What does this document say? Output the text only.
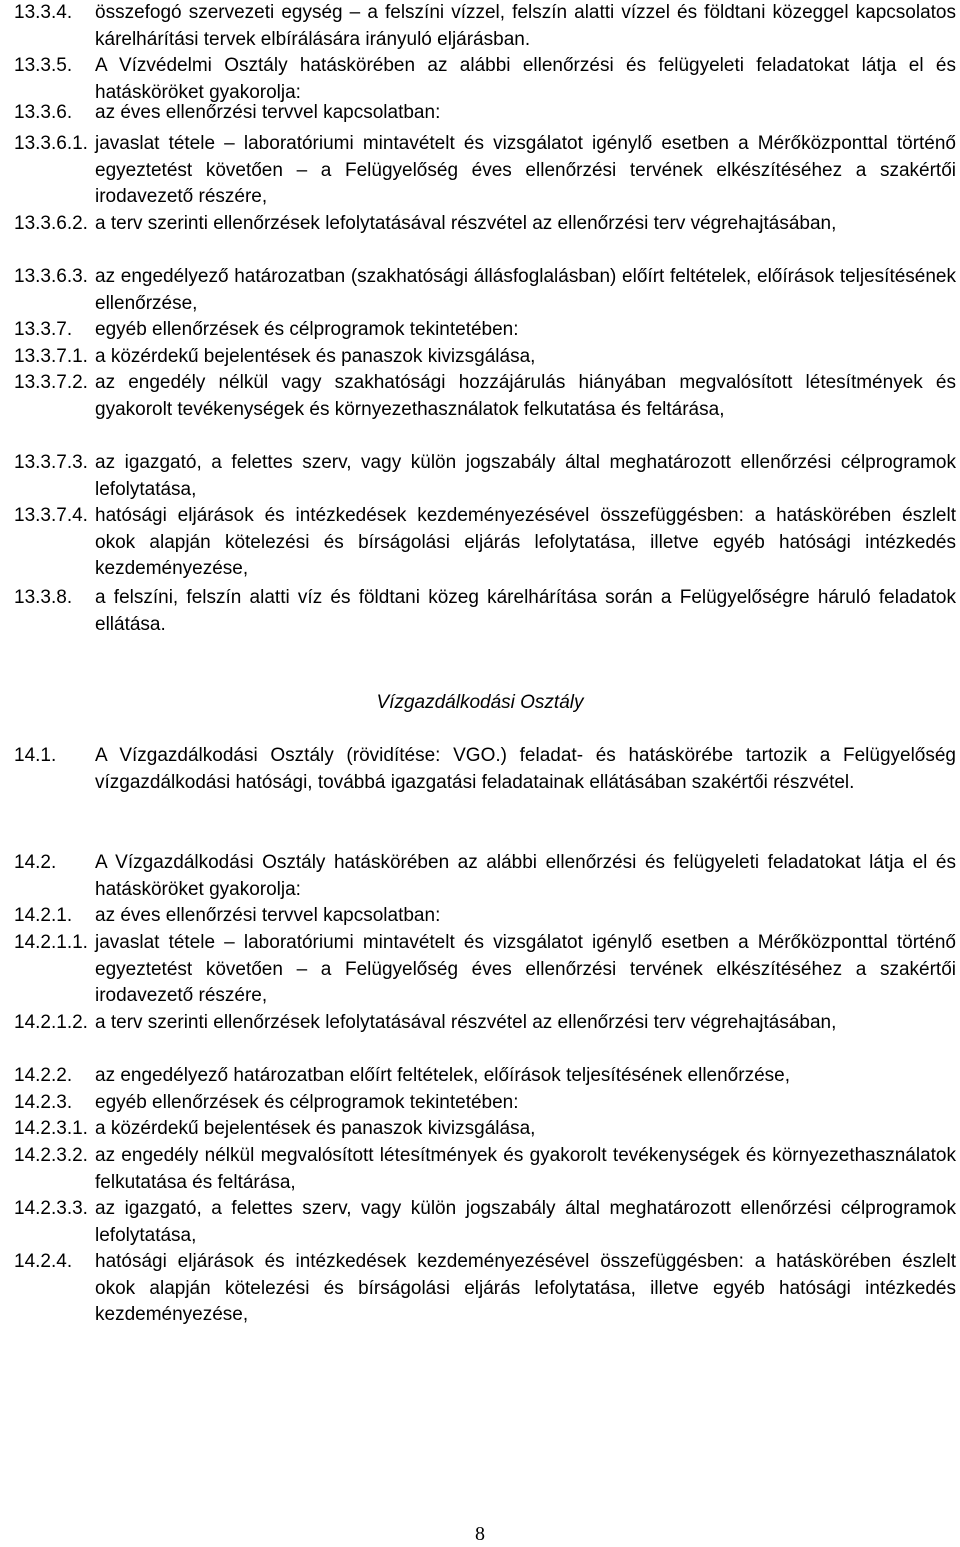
13.3.4. összefogó szervezeti egység – a felszíni vízzel, felszín alatti vízzel és földtani közeggel kapcsolatos kárelhárítási tervek elbírálására irányuló eljárásban.
13.3.5. A Vízvédelmi Osztály hatáskörében az alábbi ellenőrzési és felügyeleti feladatokat látja el és hatásköröket gyakorolja:
13.3.6. az éves ellenőrzési tervvel kapcsolatban:
13.3.6.1. javaslat tétele – laboratóriumi mintavételt és vizsgálatot igénylő esetben a Mérőközponttal történő egyeztetést követően – a Felügyelőség éves ellenőrzési tervének elkészítéséhez a szakértői irodavezető részére,
13.3.6.2. a terv szerinti ellenőrzések lefolytatásával részvétel az ellenőrzési terv végrehajtásában,
13.3.6.3. az engedélyező határozatban (szakhatósági állásfoglalásban) előírt feltételek, előírások teljesítésének ellenőrzése,
13.3.7. egyéb ellenőrzések és célprogramok tekintetében:
13.3.7.1. a közérdekű bejelentések és panaszok kivizsgálása,
13.3.7.2. az engedély nélkül vagy szakhatósági hozzájárulás hiányában megvalósított létesítmények és gyakorolt tevékenységek és környezethasználatok felkutatása és feltárása,
13.3.7.3. az igazgató, a felettes szerv, vagy külön jogszabály által meghatározott ellenőrzési célprogramok lefolytatása,
13.3.7.4. hatósági eljárások és intézkedések kezdeményezésével összefüggésben: a hatáskörében észlelt okok alapján kötelezési és bírságolási eljárás lefolytatása, illetve egyéb hatósági intézkedés kezdeményezése,
13.3.8. a felszíni, felszín alatti víz és földtani közeg kárelhárítása során a Felügyelőségre háruló feladatok ellátása.
Vízgazdálkodási Osztály
14.1. A Vízgazdálkodási Osztály (rövidítése: VGO.) feladat- és hatáskörébe tartozik a Felügyelőség vízgazdálkodási hatósági, továbbá igazgatási feladatainak ellátásában szakértői részvétel.
14.2. A Vízgazdálkodási Osztály hatáskörében az alábbi ellenőrzési és felügyeleti feladatokat látja el és hatásköröket gyakorolja:
14.2.1. az éves ellenőrzési tervvel kapcsolatban:
14.2.1.1. javaslat tétele – laboratóriumi mintavételt és vizsgálatot igénylő esetben a Mérőközponttal történő egyeztetést követően – a Felügyelőség éves ellenőrzési tervének elkészítéséhez a szakértői irodavezető részére,
14.2.1.2. a terv szerinti ellenőrzések lefolytatásával részvétel az ellenőrzési terv végrehajtásában,
14.2.2. az engedélyező határozatban előírt feltételek, előírások teljesítésének ellenőrzése,
14.2.3. egyéb ellenőrzések és célprogramok tekintetében:
14.2.3.1. a közérdekű bejelentések és panaszok kivizsgálása,
14.2.3.2. az engedély nélkül megvalósított létesítmények és gyakorolt tevékenységek és környezethasználatok felkutatása és feltárása,
14.2.3.3. az igazgató, a felettes szerv, vagy külön jogszabály által meghatározott ellenőrzési célprogramok lefolytatása,
14.2.4. hatósági eljárások és intézkedések kezdeményezésével összefüggésben: a hatáskörében észlelt okok alapján kötelezési és bírságolási eljárás lefolytatása, illetve egyéb hatósági intézkedés kezdeményezése,
8
